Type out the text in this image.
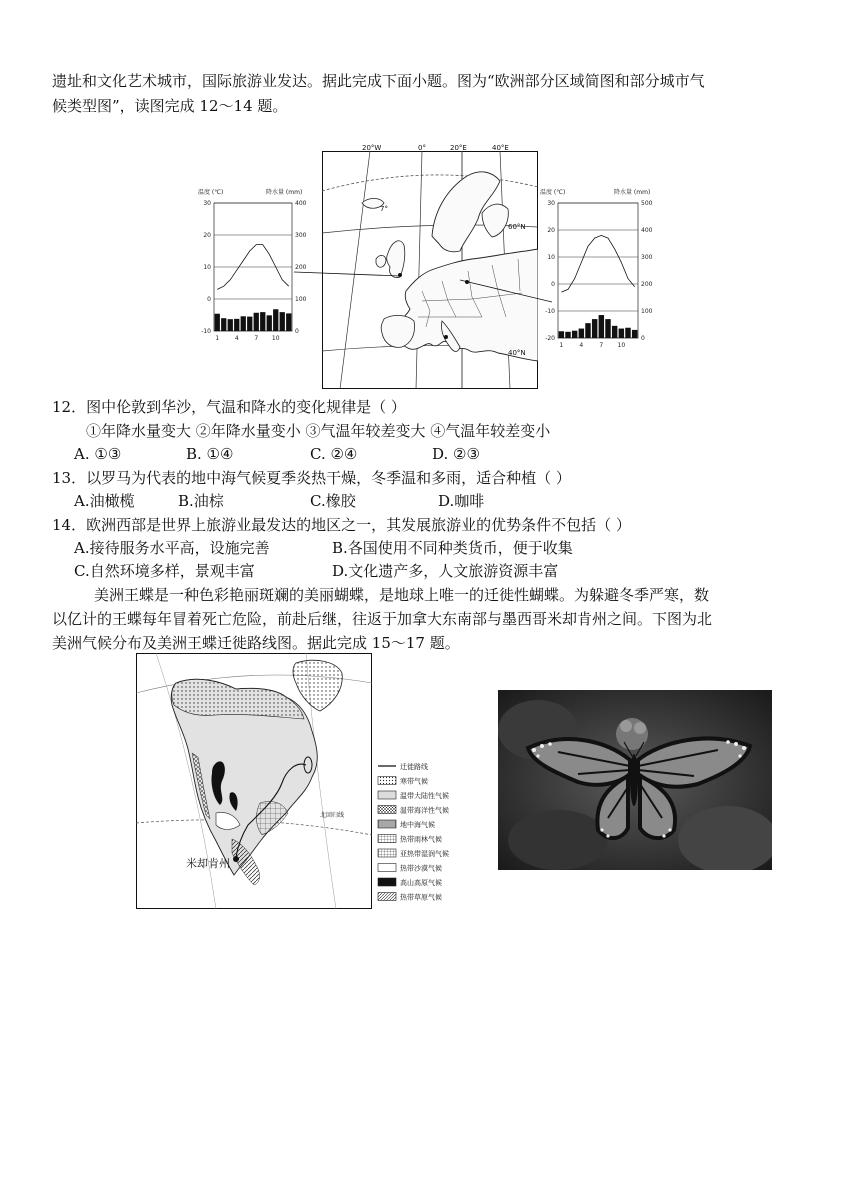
遗址和文化艺术城市，国际旅游业发达。据此完成下面小题。图为“欧洲部分区域简图和部分城市气
候类型图”，读图完成 12～14 题。
温度 (℃)	降水量 (mm)
30
20
10
0
-10
400
300
200
100
0
1	4	7 10
7°
20°W	0°	20°E	40°E
60°N
40°N
温度 (℃)	降水量 (mm)
30
20
10
0
-10
-20
500
400
300
200
100
0
1	4	7 10
12．图中伦敦到华沙，气温和降水的变化规律是（ ）
①年降水量变大 ②年降水量变小 ③气温年较差变大 ④气温年较差变小
A. ①③	B. ①④	C. ②④	D. ②③
13．以罗马为代表的地中海气候夏季炎热干燥，冬季温和多雨，适合种植（ ）
A.油橄榄	B.油棕	C.橡胶	D.咖啡
14．欧洲西部是世界上旅游业最发达的地区之一，其发展旅游业的优势条件不包括（ ）
A.接待服务水平高，设施完善	B.各国使用不同种类货币，便于收集
C.自然环境多样，景观丰富	D.文化遗产多，人文旅游资源丰富
美洲王蝶是一种色彩艳丽斑斓的美丽蝴蝶，是地球上唯一的迁徙性蝴蝶。为躲避冬季严寒，数
以亿计的王蝶每年冒着死亡危险，前赴后继，往返于加拿大东南部与墨西哥米却肯州之间。下图为北
美洲气候分布及美洲王蝶迁徙路线图。据此完成 15～17 题。
北回归线
米却肯州
迁徙路线
寒带气候
温带大陆性气候
温带海洋性气候
地中海气候
热带雨林气候
亚热带湿润气候
热带沙漠气候
高山高原气候
热带草原气候
